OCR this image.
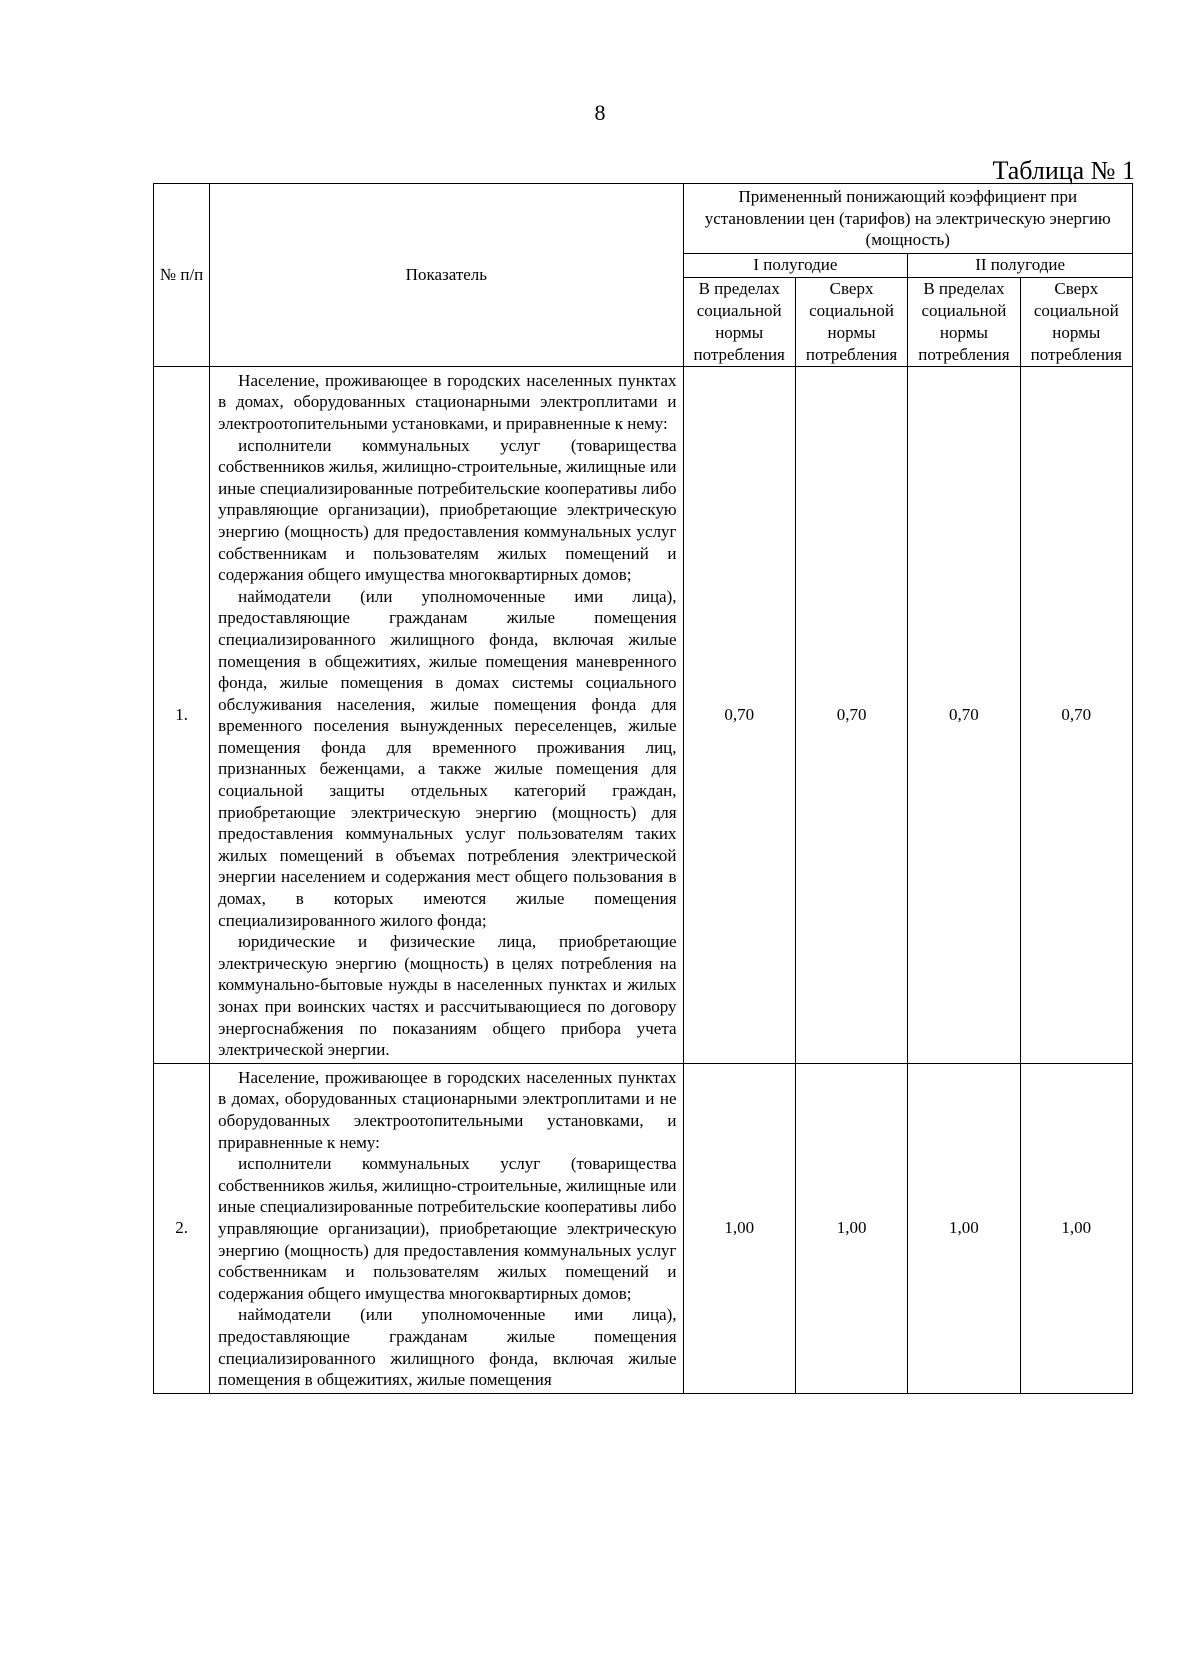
8
Таблица № 1
№ п/п	Показатель	Примененный понижающий коэффициент при установлении цен (тарифов) на электрическую энергию (мощность)			
		I полугодие		II полугодие	
		В пределах социальной нормы потребления	Сверх социальной нормы потребления	В пределах социальной нормы потребления	Сверх социальной нормы потребления
1.	Население, проживающее в городских населенных пунктах в домах, оборудованных стационарными электроплитами и электроотопительными установками, и приравненные к нему:

исполнители коммунальных услуг (товарищества собственников жилья, жилищно-строительные, жилищные или иные специализированные потребительские кооперативы либо управляющие организации), приобретающие электрическую энергию (мощность) для предоставления коммунальных услуг собственникам и пользователям жилых помещений и содержания общего имущества многоквартирных домов;

наймодатели (или уполномоченные ими лица), предоставляющие гражданам жилые помещения специализированного жилищного фонда, включая жилые помещения в общежитиях, жилые помещения маневренного фонда, жилые помещения в домах системы социального обслуживания населения, жилые помещения фонда для временного поселения вынужденных переселенцев, жилые помещения фонда для временного проживания лиц, признанных беженцами, а также жилые помещения для социальной защиты отдельных категорий граждан, приобретающие электрическую энергию (мощность) для предоставления коммунальных услуг пользователям таких жилых помещений в объемах потребления электрической энергии населением и содержания мест общего пользования в домах, в которых имеются жилые помещения специализированного жилого фонда;

юридические и физические лица, приобретающие электрическую энергию (мощность) в целях потребления на коммунально-бытовые нужды в населенных пунктах и жилых зонах при воинских частях и рассчитывающиеся по договору энергоснабжения по показаниям общего прибора учета электрической энергии.	0,70	0,70	0,70	0,70
2.	Население, проживающее в городских населенных пунктах в домах, оборудованных стационарными электроплитами и не оборудованных электроотопительными установками, и приравненные к нему:

исполнители коммунальных услуг (товарищества собственников жилья, жилищно-строительные, жилищные или иные специализированные потребительские кооперативы либо управляющие организации), приобретающие электрическую энергию (мощность) для предоставления коммунальных услуг собственникам и пользователям жилых помещений и содержания общего имущества многоквартирных домов;

наймодатели (или уполномоченные ими лица), предоставляющие гражданам жилые помещения специализированного жилищного фонда, включая жилые помещения в общежитиях, жилые помещения	1,00	1,00	1,00	1,00
